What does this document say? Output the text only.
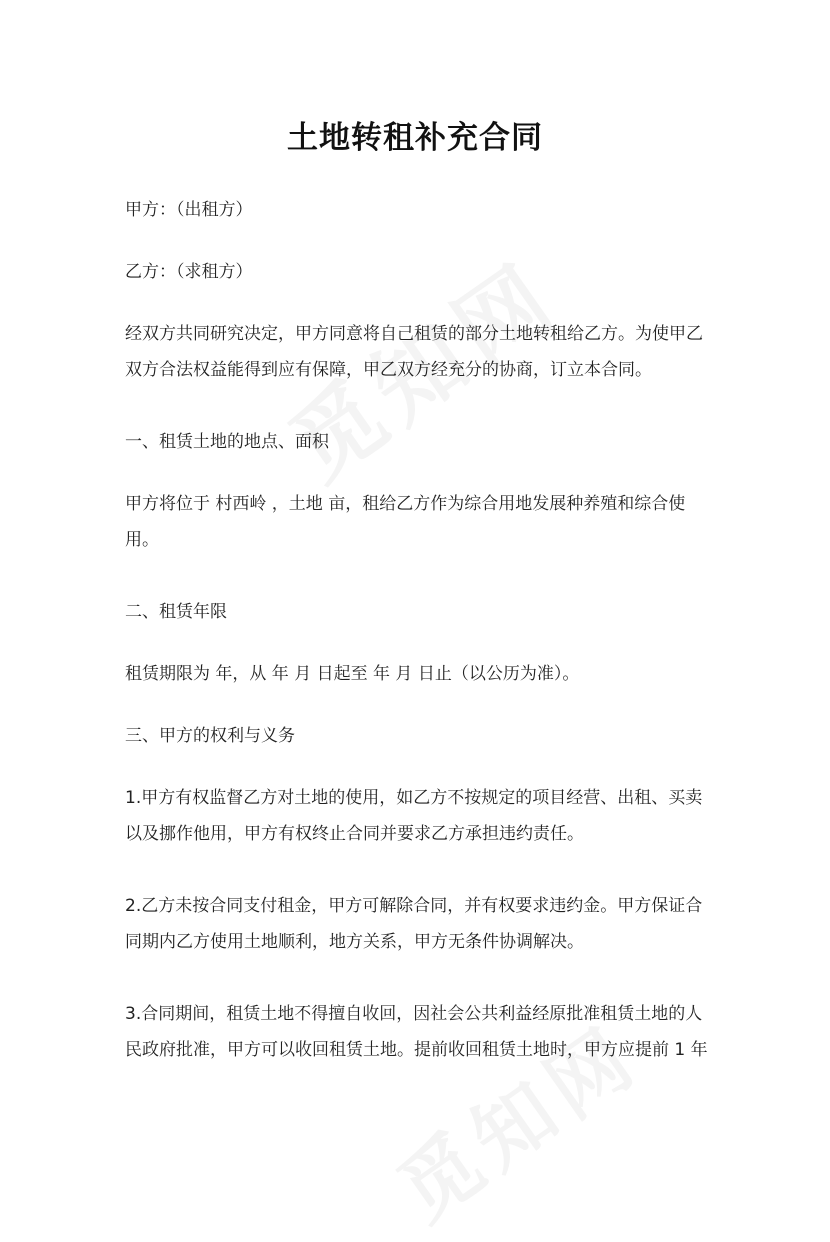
土地转租补充合同
甲方：（出租方）
乙方：（求租方）
经双方共同研究决定，甲方同意将自己租赁的部分土地转租给乙方。为使甲乙
双方合法权益能得到应有保障，甲乙双方经充分的协商，订立本合同。
一、租赁土地的地点、面积
甲方将位于 村西岭 ，土地 亩，租给乙方作为综合用地发展种养殖和综合使
用。
二、租赁年限
租赁期限为 年，从 年 月 日起至 年 月 日止（以公历为准）。
三、甲方的权利与义务
1.甲方有权监督乙方对土地的使用，如乙方不按规定的项目经营、出租、买卖
以及挪作他用，甲方有权终止合同并要求乙方承担违约责任。
2.乙方未按合同支付租金，甲方可解除合同，并有权要求违约金。甲方保证合
同期内乙方使用土地顺利，地方关系，甲方无条件协调解决。
3.合同期间，租赁土地不得擅自收回，因社会公共利益经原批准租赁土地的人
民政府批准，甲方可以收回租赁土地。提前收回租赁土地时，甲方应提前 1 年
